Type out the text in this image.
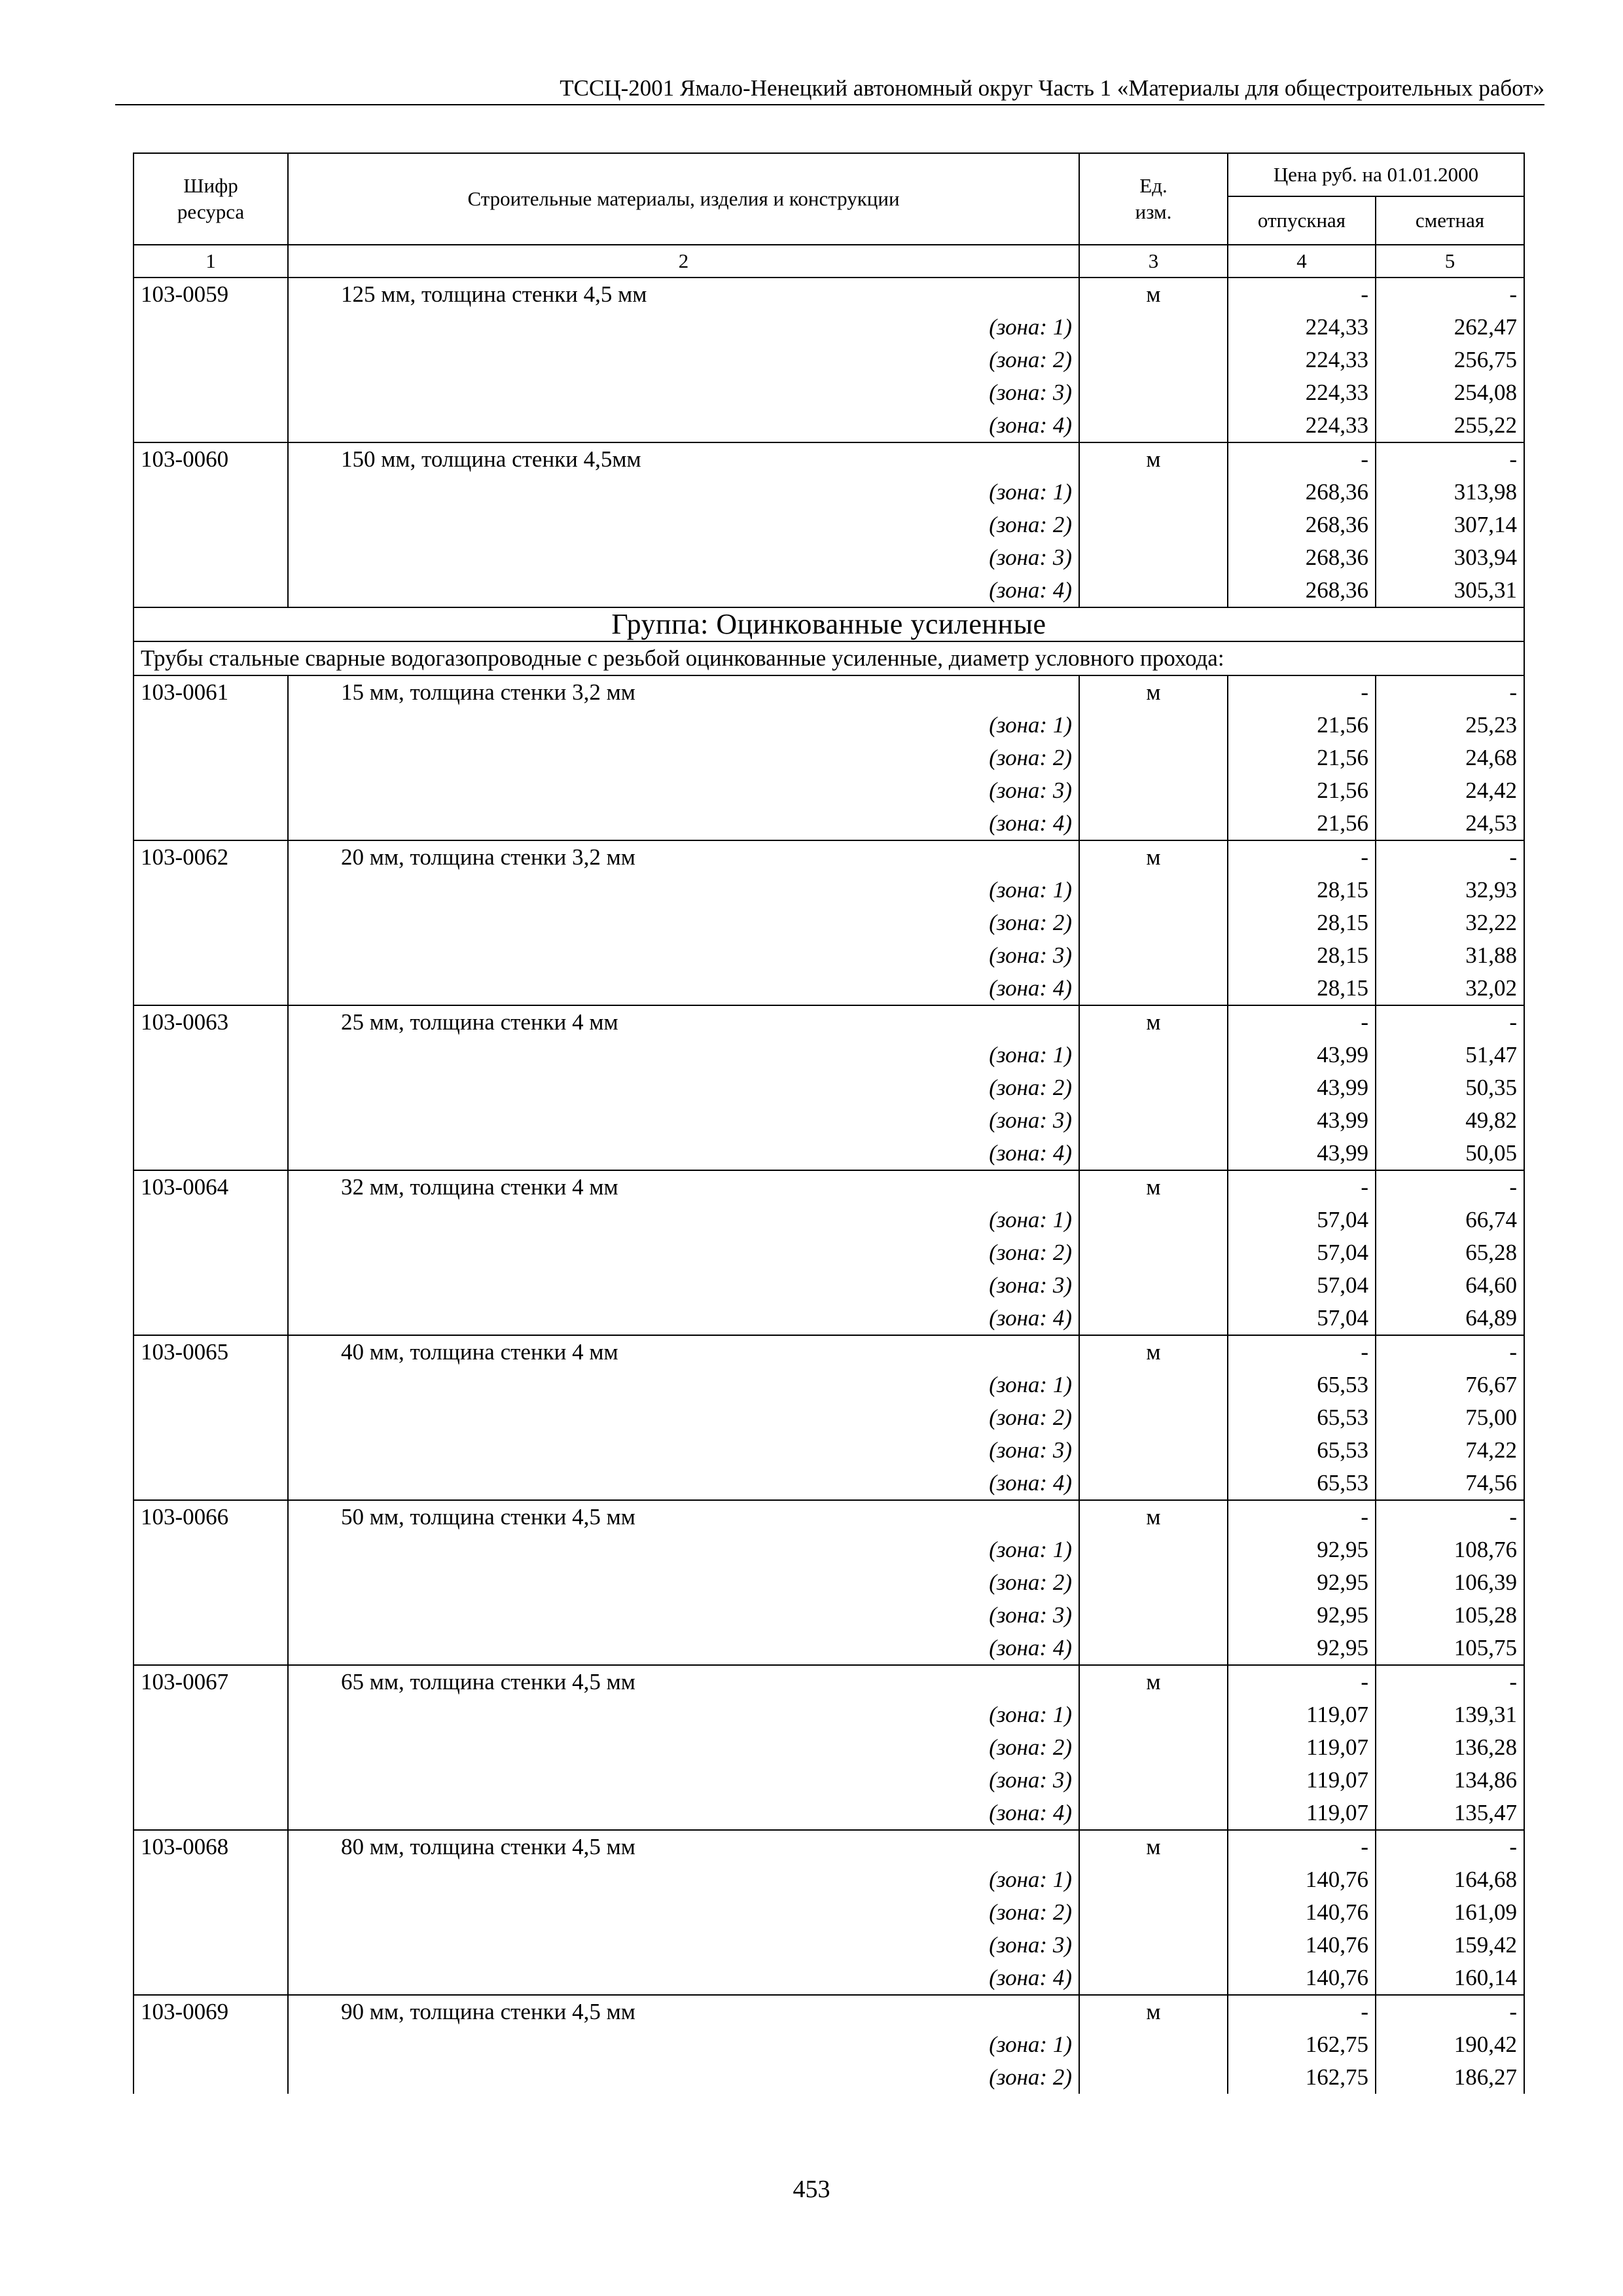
ТССЦ-2001 Ямало-Ненецкий автономный округ Часть 1 «Материалы для общестроительных работ»
Шифр ресурса	Строительные материалы, изделия и конструкции	Ед. изм.	Цена руб. на 01.01.2000	
			отпускная	сметная
1	2	3	4	5
103-0059	125 мм, толщина стенки 4,5 мм	м	-	-
	(зона: 1)		224,33	262,47
	(зона: 2)		224,33	256,75
	(зона: 3)		224,33	254,08
	(зона: 4)		224,33	255,22
103-0060	150 мм, толщина стенки 4,5мм	м	-	-
	(зона: 1)		268,36	313,98
	(зона: 2)		268,36	307,14
	(зона: 3)		268,36	303,94
	(зона: 4)		268,36	305,31
Группа: Оцинкованные усиленные				
Трубы стальные сварные водогазопроводные с резьбой оцинкованные усиленные, диаметр условного прохода:				
103-0061	15 мм, толщина стенки 3,2 мм	м	-	-
	(зона: 1)		21,56	25,23
	(зона: 2)		21,56	24,68
	(зона: 3)		21,56	24,42
	(зона: 4)		21,56	24,53
103-0062	20 мм, толщина стенки 3,2 мм	м	-	-
	(зона: 1)		28,15	32,93
	(зона: 2)		28,15	32,22
	(зона: 3)		28,15	31,88
	(зона: 4)		28,15	32,02
103-0063	25 мм, толщина стенки 4 мм	м	-	-
	(зона: 1)		43,99	51,47
	(зона: 2)		43,99	50,35
	(зона: 3)		43,99	49,82
	(зона: 4)		43,99	50,05
103-0064	32 мм, толщина стенки 4 мм	м	-	-
	(зона: 1)		57,04	66,74
	(зона: 2)		57,04	65,28
	(зона: 3)		57,04	64,60
	(зона: 4)		57,04	64,89
103-0065	40 мм, толщина стенки 4 мм	м	-	-
	(зона: 1)		65,53	76,67
	(зона: 2)		65,53	75,00
	(зона: 3)		65,53	74,22
	(зона: 4)		65,53	74,56
103-0066	50 мм, толщина стенки 4,5 мм	м	-	-
	(зона: 1)		92,95	108,76
	(зона: 2)		92,95	106,39
	(зона: 3)		92,95	105,28
	(зона: 4)		92,95	105,75
103-0067	65 мм, толщина стенки 4,5 мм	м	-	-
	(зона: 1)		119,07	139,31
	(зона: 2)		119,07	136,28
	(зона: 3)		119,07	134,86
	(зона: 4)		119,07	135,47
103-0068	80 мм, толщина стенки 4,5 мм	м	-	-
	(зона: 1)		140,76	164,68
	(зона: 2)		140,76	161,09
	(зона: 3)		140,76	159,42
	(зона: 4)		140,76	160,14
103-0069	90 мм, толщина стенки 4,5 мм	м	-	-
	(зона: 1)		162,75	190,42
	(зона: 2)		162,75	186,27
453
